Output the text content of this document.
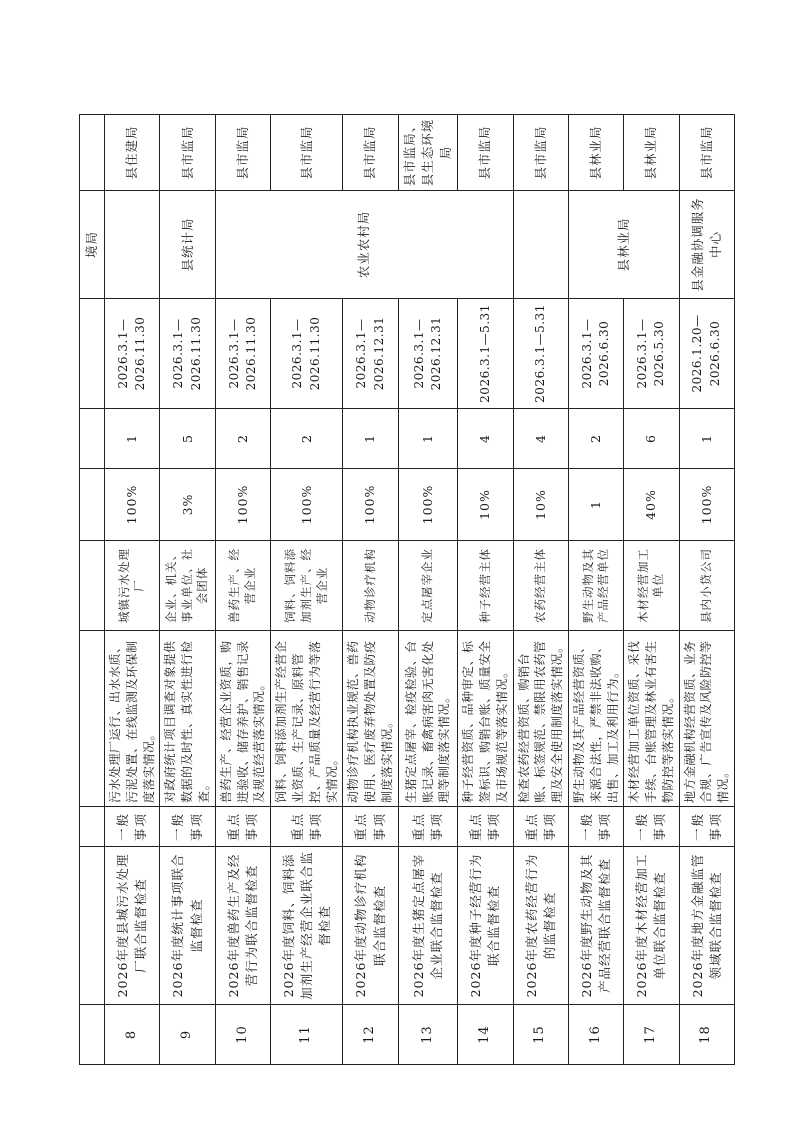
								境局	
8	2026年度县城污水处理厂联合监督检查	一般事项	污水处理厂运行、出水水质、污泥处置、在线监测及环保制度落实情况。	城镇污水处理厂	100%	1	2026.3.1—2026.11.30		县住建局
9	2026年度统计事项联合监督检查	一般事项	对政府统计项目调查对象提供数据的及时性、真实性进行检查。	企业、机关、事业单位、社会团体	3%	5	2026.3.1—2026.11.30	县统计局	县市监局
10	2026年度兽药生产及经营行为联合监督检查	重点事项	兽药生产、经营企业资质，购进验收、储存养护、销售记录及规范经营落实情况。	兽药生产、经营企业	100%	2	2026.3.1—2026.11.30	农业农村局	县市监局
11	2026年度饲料、饲料添加剂生产经营企业联合监督检查	重点事项	饲料、饲料添加剂生产经营企业资质、生产记录、原料管控、产品质量及经营行为等落实情况。	饲料、饲料添加剂生产、经营企业	100%	2	2026.3.1—2026.11.30		县市监局
12	2026年度动物诊疗机构联合监督检查	重点事项	动物诊疗机构执业规范、兽药使用、医疗废弃物处置及防疫制度落实情况。	动物诊疗机构	100%	1	2026.3.1—2026.12.31		县市监局
13	2026年度生猪定点屠宰企业联合监督检查	重点事项	生猪定点屠宰、检疫检验、台账记录、畜禽病害肉无害化处理等制度落实情况。	定点屠宰企业	100%	1	2026.3.1—2026.12.31		县市监局、县生态环境局
14	2026年度种子经营行为联合监督检查	重点事项	种子经营资质、品种审定、标签标识、购销台账、质量安全及市场规范等落实情况。	种子经营主体	10%	4	2026.3.1—5.31		县市监局
15	2026年度农药经营行为的监督检查	重点事项	检查农药经营资质、购销台账、标签规范、禁限用农药管理及安全使用制度落实情况。	农药经营主体	10%	4	2026.3.1—5.31		县市监局
16	2026年度野生动物及其产品经营联合监督检查	一般事项	野生动物及其产品经营资质、来源合法性，严禁非法收购、出售、加工及利用行为。	野生动物及其产品经营单位	1	2	2026.3.1—2026.6.30	县林业局	县林业局
17	2026年度木材经营加工单位联合监督检查	一般事项	木材经营加工单位资质、采伐手续、台账管理及林业有害生物防控等落实情况。	木材经营加工单位	40%	6	2026.3.1—2026.5.30		县林业局
18	2026年度地方金融监管领域联合监督检查	一般事项	地方金融机构经营资质、业务合规、广告宣传及风险防控等情况。	县内小贷公司	100%	1	2026.1.20—2026.6.30	县金融协调服务中心	县市监局
